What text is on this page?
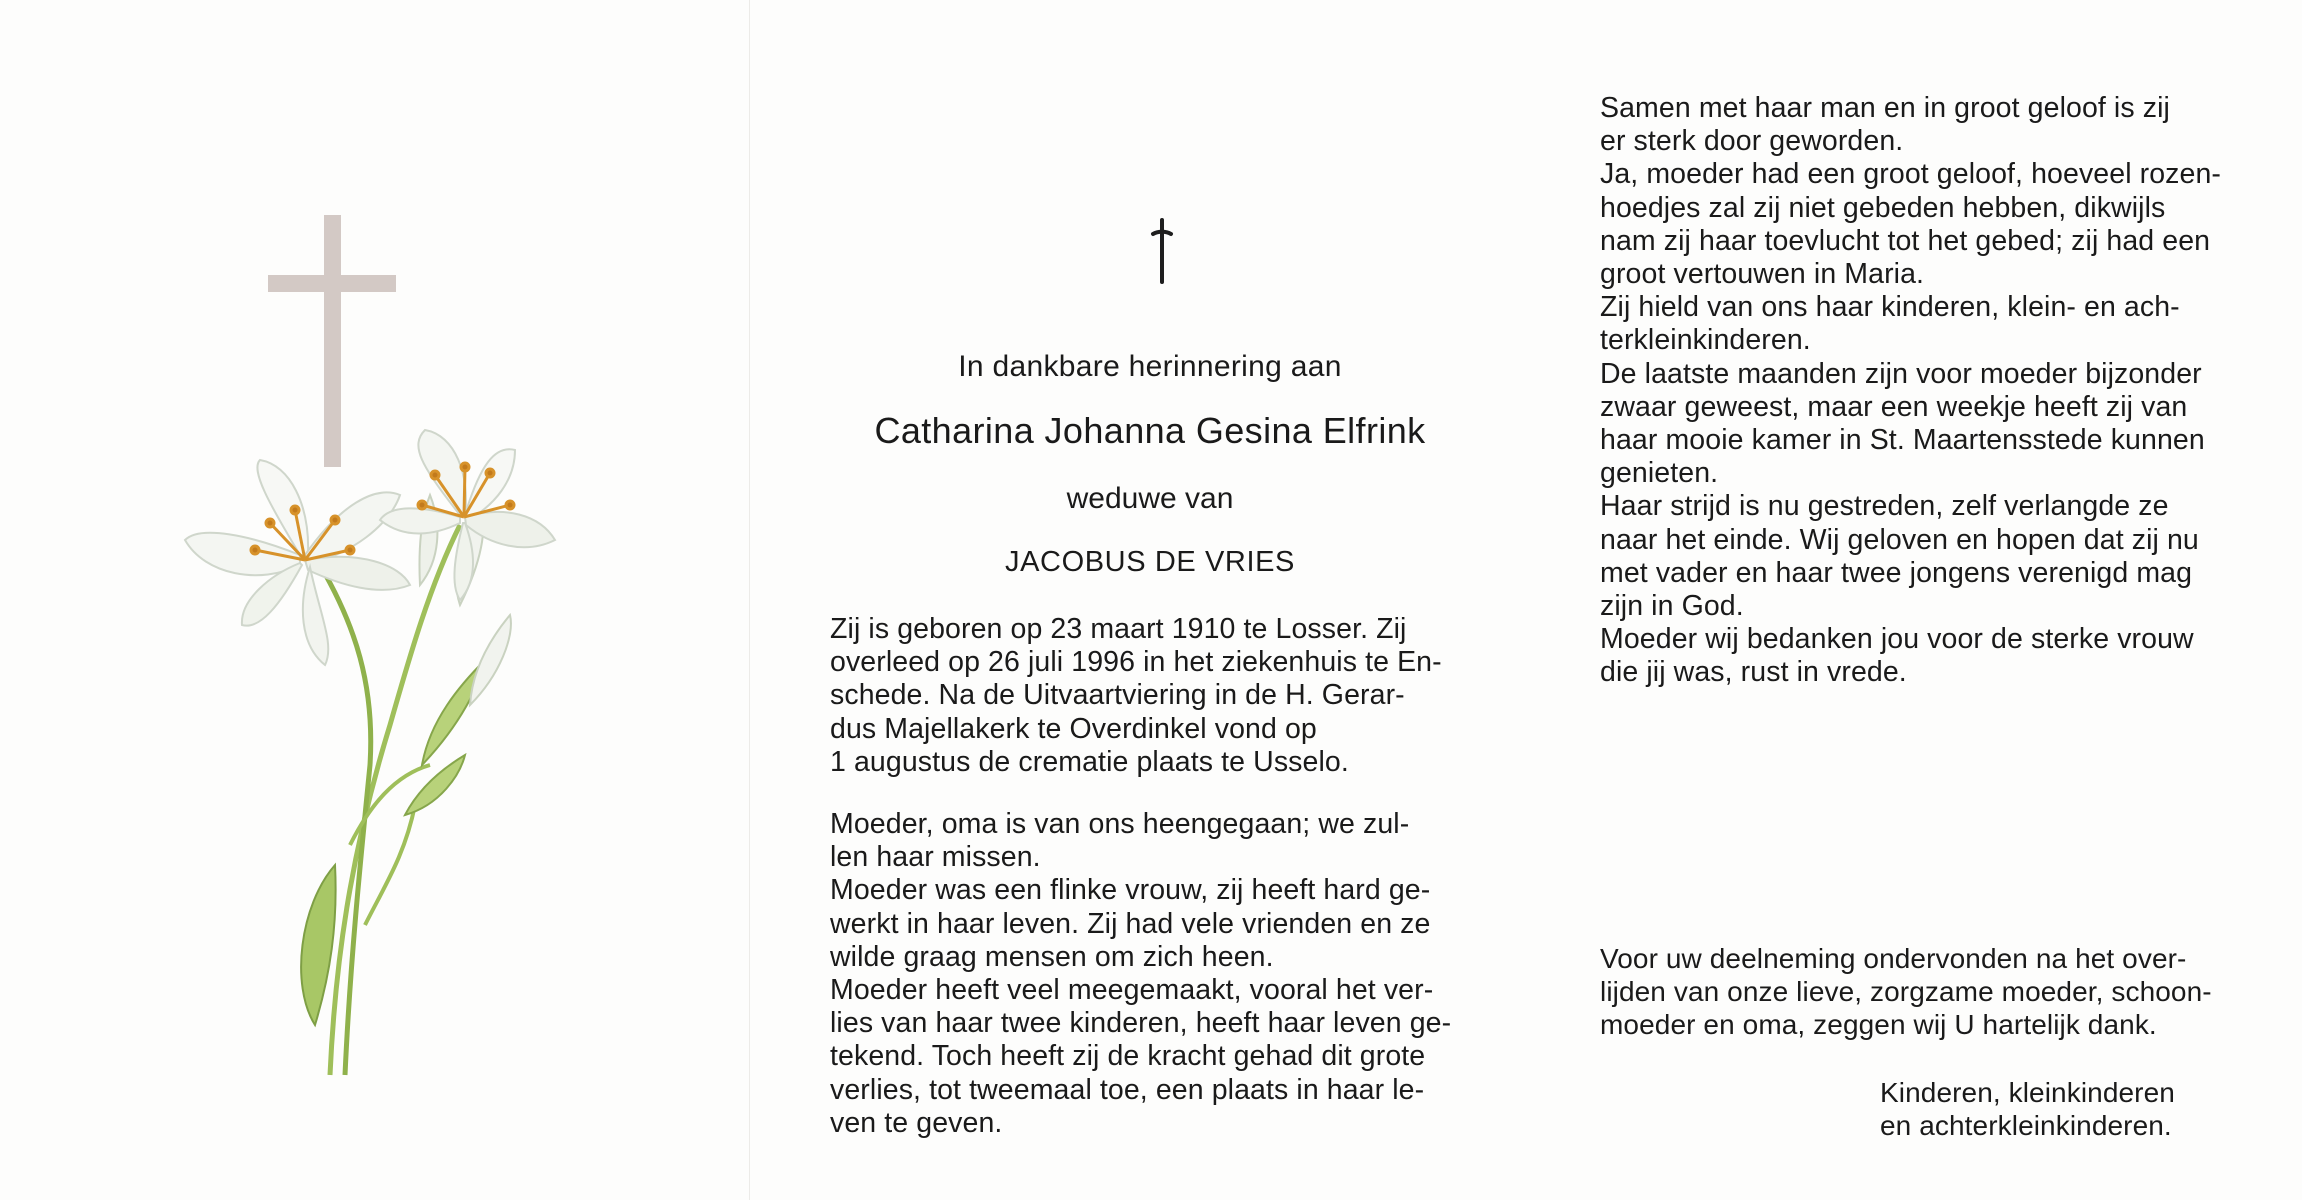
In dankbare herinnering aan
Catharina Johanna Gesina Elfrink
weduwe van
JACOBUS DE VRIES

Zij is geboren op 23 maart 1910 te Losser. Zij
overleed op 26 juli 1996 in het ziekenhuis te En-
schede. Na de Uitvaartviering in de H. Gerar-
dus Majellakerk te Overdinkel vond op
1 augustus de crematie plaats te Usselo.

Moeder, oma is van ons heengegaan; we zul-
len haar missen.
Moeder was een flinke vrouw, zij heeft hard ge-
werkt in haar leven. Zij had vele vrienden en ze
wilde graag mensen om zich heen.
Moeder heeft veel meegemaakt, vooral het ver-
lies van haar twee kinderen, heeft haar leven ge-
tekend. Toch heeft zij de kracht gehad dit grote
verlies, tot tweemaal toe, een plaats in haar le-
ven te geven.

Samen met haar man en in groot geloof is zij
er sterk door geworden.
Ja, moeder had een groot geloof, hoeveel rozen-
hoedjes zal zij niet gebeden hebben, dikwijls
nam zij haar toevlucht tot het gebed; zij had een
groot vertouwen in Maria.
Zij hield van ons haar kinderen, klein- en ach-
terkleinkinderen.
De laatste maanden zijn voor moeder bijzonder
zwaar geweest, maar een weekje heeft zij van
haar mooie kamer in St. Maartensstede kunnen
genieten.
Haar strijd is nu gestreden, zelf verlangde ze
naar het einde. Wij geloven en hopen dat zij nu
met vader en haar twee jongens verenigd mag
zijn in God.
Moeder wij bedanken jou voor de sterke vrouw
die jij was, rust in vrede.

Voor uw deelneming ondervonden na het over-
lijden van onze lieve, zorgzame moeder, schoon-
moeder en oma, zeggen wij U hartelijk dank.

Kinderen, kleinkinderen
en achterkleinkinderen.
